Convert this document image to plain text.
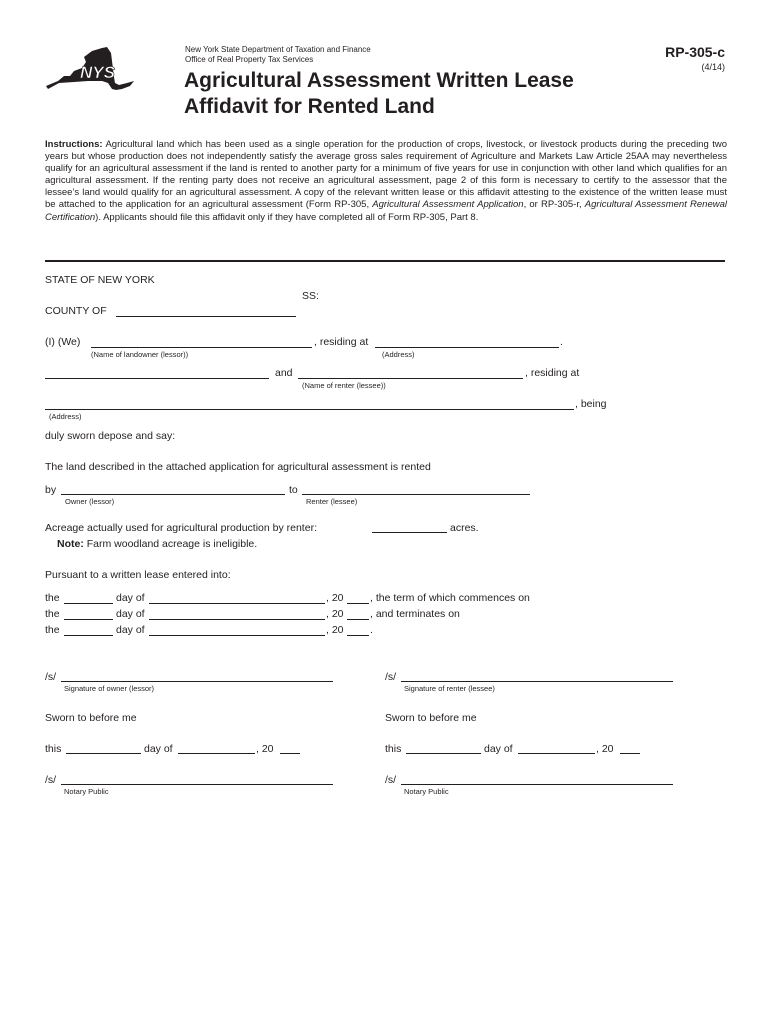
NYS
New York State Department of Taxation and Finance
Office of Real Property Tax Services
Agricultural Assessment Written Lease
Affidavit for Rented Land
RP-305-c
(4/14)
Instructions: Agricultural land which has been used as a single operation for the production of crops, livestock, or livestock products during the preceding two years but whose production does not independently satisfy the average gross sales requirement of Agriculture and Markets Law Article 25AA may nevertheless qualify for an agricultural assessment if the land is rented to another party for a minimum of five years for use in conjunction with other land which qualifies for an agricultural assessment. If the renting party does not receive an agricultural assessment, page 2 of this form is necessary to certify to the assessor that the lessee’s land would qualify for an agricultural assessment. A copy of the relevant written lease or this affidavit attesting to the existence of the written lease must be attached to the application for an agricultural assessment (Form RP-305, Agricultural Assessment Application, or RP-305-r, Agricultural Assessment Renewal Certification). Applicants should file this affidavit only if they have completed all of Form RP-305, Part 8.
STATE OF NEW YORK
SS:
COUNTY OF
(I) (We)	, residing at	.
(Name of landowner (lessor))	(Address)
and	, residing at
(Name of renter (lessee))
, being
(Address)
duly sworn depose and say:
The land described in the attached application for agricultural assessment is rented
by	to
Owner (lessor)	Renter (lessee)
Acreage actually used for agricultural production by renter:	acres.
Note: Farm woodland acreage is ineligible.
Pursuant to a written lease entered into:
the	day of	, 20	, the term of which commences on
the	day of	, 20	, and terminates on
the	day of	, 20	.
/s/
Signature of owner (lessor)
Sworn to before me
this	day of	, 20
/s/
Notary Public
/s/
Signature of renter (lessee)
Sworn to before me
this	day of	, 20
/s/
Notary Public
